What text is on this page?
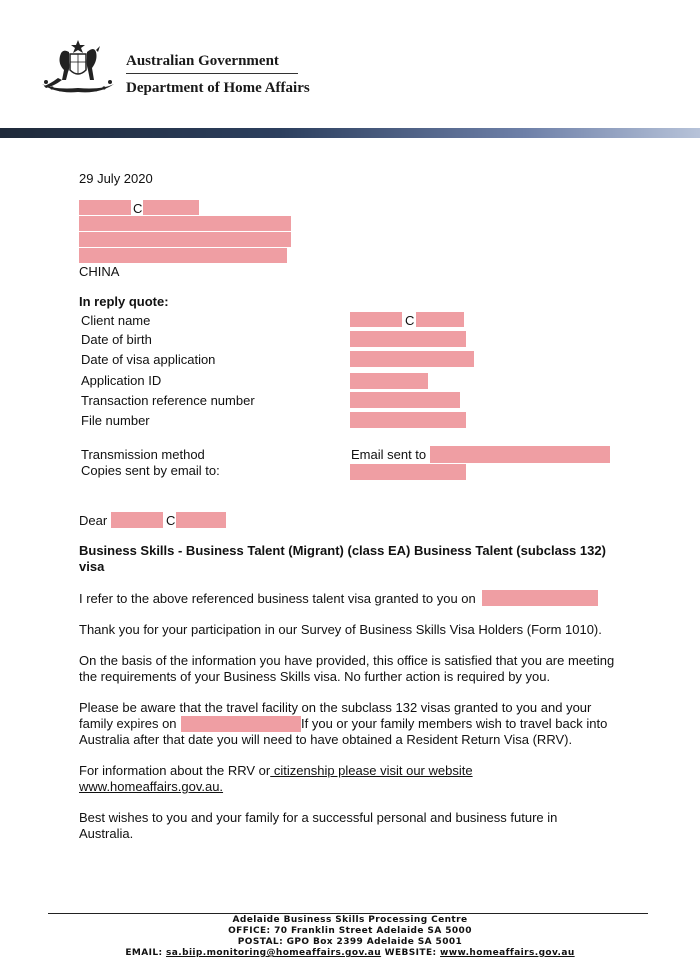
Australian Government
Department of Home Affairs
29 July 2020
C
CHINA
In reply quote:
Client name	C
Date of birth
Date of visa application
Application ID
Transaction reference number
File number
Transmission method	Email sent to
Copies sent by email to:
Dear	C
Business Skills - Business Talent (Migrant) (class EA) Business Talent (subclass 132)
visa
I refer to the above referenced business talent visa granted to you on
Thank you for your participation in our Survey of Business Skills Visa Holders (Form 1010).
On the basis of the information you have provided, this office is satisfied that you are meeting
the requirements of your Business Skills visa. No further action is required by you.
Please be aware that the travel facility on the subclass 132 visas granted to you and your
family expires on	If you or your family members wish to travel back into
Australia after that date you will need to have obtained a Resident Return Visa (RRV).
For information about the RRV or citizenship please visit our website
www.homeaffairs.gov.au.
Best wishes to you and your family for a successful personal and business future in
Australia.
Adelaide Business Skills Processing Centre
OFFICE: 70 Franklin Street Adelaide SA 5000
POSTAL: GPO Box 2399 Adelaide SA 5001
EMAIL: sa.biip.monitoring@homeaffairs.gov.au WEBSITE: www.homeaffairs.gov.au
